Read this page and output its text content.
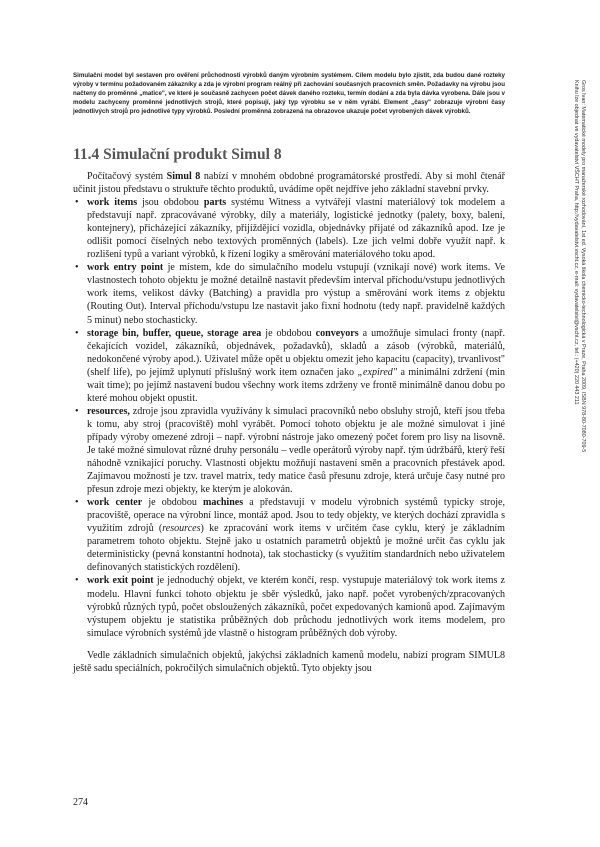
Simulační model byl sestaven pro ověření průchodnosti výrobků daným výrobním systémem. Cílem modelu bylo zjistit, zda budou dané rozteky výroby v termínu požadovaném zákazníky a zda je výrobní program reálný při zachování současných pracovních směn. Požadavky na výrobu jsou načteny do proměnné „matice", ve které je současně zachycen počet dávek daného rozteku, termín dodání a zda byla dávka vyrobena. Dále jsou v modelu zachyceny proměnné jednotlivých strojů, které popisují, jaký typ výrobku se v něm vyrábí. Element „časy" zobrazuje výrobní časy jednotlivých strojů pro jednotlivé typy výrobků. Poslední proměnná zobrazená na obrazovce ukazuje počet vyrobených dávek výrobků.
11.4 Simulační produkt Simul 8

Počítačový systém Simul 8 nabízí v mnohém obdobné programátorské prostředí. Aby si mohl čtenář učinit jistou představu o struktuře těchto produktů, uvádíme opět nejdříve jeho základní stavební prvky.

• work items jsou obdobou parts systému Witness a vytvářejí vlastní materiálový tok modelem a představují např. zpracovávané výrobky, díly a materiály, logistické jednotky (palety, boxy, balení, kontejnery), přicházející zákazníky, přijíždějící vozidla, objednávky přijaté od zákazníků apod. Ize je odlišit pomocí číselných nebo textových proměnných (labels). Lze jich velmi dobře využít např. k rozlišení typů a variant výrobků, k řízení logiky a směrování materiálového toku apod.
• work entry point je místem, kde do simulačního modelu vstupují (vznikají nové) work items. Ve vlastnostech tohoto objektu je možné detailně nastavit především interval příchodu/vstupu jednotlivých work items, velikost dávky (Batching) a pravidla pro výstup a směrování work items z objektu (Routing Out). Interval příchodu/vstupu lze nastavit jako fixní hodnotu (tedy např. pravidelně každých 5 minut) nebo stochasticky.
• storage bin, buffer, queue, storage area je obdobou conveyors a umožňuje simulaci fronty (např. čekajících vozidel, zákazníků, objednávek, požadavků), skladů a zásob (výrobků, materiálů, nedokončené výroby apod.). Uživatel může opět u objektu omezit jeho kapacitu (capacity), trvanlivost" (shelf life), po jejímž uplynutí příslušný work item označen jako „expired" a minimální zdržení (min wait time); po jejímž nastavení budou všechny work items zdrženy ve frontě minimálně danou dobu po které mohou objekt opustit.
• resources, zdroje jsou zpravidla využívány k simulaci pracovníků nebo obsluhy strojů, kteří jsou třeba k tomu, aby stroj (pracoviště) mohl vyrábět. Pomocí tohoto objektu je ale možné simulovat i jiné případy výroby omezené zdroji – např. výrobní nástroje jako omezený počet forem pro lisy na lisovně. Je také možné simulovat různé druhy personálu – vedle operátorů výroby např. tým údržbářů, který řeší náhodně vznikající poruchy. Vlastnosti objektu možňují nastavení směn a pracovních přestávek apod. Zajímavou možností je tzv. travel matrix, tedy matice časů přesunu zdroje, která určuje časy nutné pro přesun zdroje mezi objekty, ke kterým je alokován.
• work center je obdobou machines a představují v modelu výrobních systémů typicky stroje, pracoviště, operace na výrobní lince, montáž apod. Jsou to tedy objekty, ve kterých dochází zpravidla s využitím zdrojů (resources) ke zpracování work items v určitém čase cyklu, který je základním parametrem tohoto objektu. Stejně jako u ostatních parametrů objektů je možné určit čas cyklu jak deterministicky (pevná konstantní hodnota), tak stochasticky (s využitím standardních nebo uživatelem definovaných statistických rozdělení).
• work exit point je jednoduchý objekt, ve kterém končí, resp. vystupuje materiálový tok work items z modelu. Hlavní funkcí tohoto objektu je sběr výsledků, jako např. počet vyrobených/zpracovaných výrobků různých typů, počet obsloužených zákazníků, počet expedovaných kamionů apod. Zajímavým výstupem objektu je statistika průběžných dob průchodu jednotlivých work items modelem, pro simulace výrobních systémů jde vlastně o histogram průběžných dob výroby.

Vedle základních simulačních objektů, jakýchsi základních kamenů modelu, nabízí program SIMUL8 ještě sadu speciálních, pokročilých simulačních objektů. Tyto objekty jsou

Gros Ivan: Matematické modely pro manažerské rozhodování, 1st ed. Vysoká škola chemicko-technologická v Praze, Praha 2009, ISBN 978-80-7080-709-5
Knihu lze objednat ve vydavatelství VŠCHT Praha, http://vydavatelstvi.vscht.cz, e-mail: vydavatelstvi@vscht.cz, tel.: (+420) 220 443 211
274
